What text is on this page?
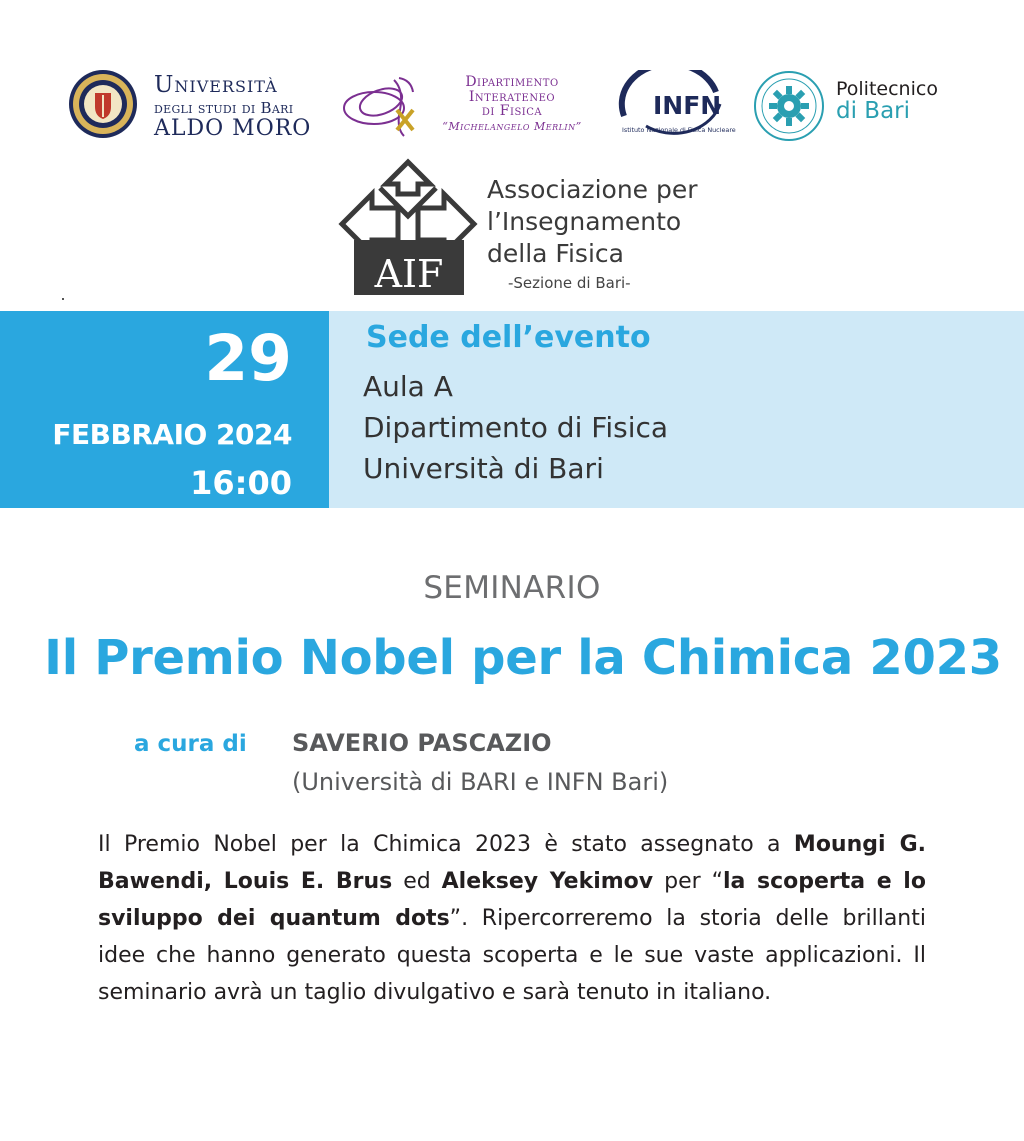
Università
degli studi di Bari
ALDO MORO
Dipartimento
Interateneo
di Fisica
“Michelangelo Merlin”
INFN
Istituto Nazionale di Fisica Nucleare
Politecnico
di Bari
AIF
Associazione per
l’Insegnamento
della Fisica
-Sezione di Bari-
29
FEBBRAIO 2024
16:00
Sede dell’evento
Aula A
Dipartimento di Fisica
Università di Bari
SEMINARIO
Il Premio Nobel per la Chimica 2023
a cura di SAVERIO PASCAZIO
(Università di BARI e INFN Bari)
Il Premio Nobel per la Chimica 2023 è stato assegnato a Moungi G. Bawendi, Louis E. Brus ed Aleksey Yekimov per “la scoperta e lo sviluppo dei quantum dots”. Ripercorreremo la storia delle brillanti idee che hanno generato questa scoperta e le sue vaste applicazioni. Il seminario avrà un taglio divulgativo e sarà tenuto in italiano.
